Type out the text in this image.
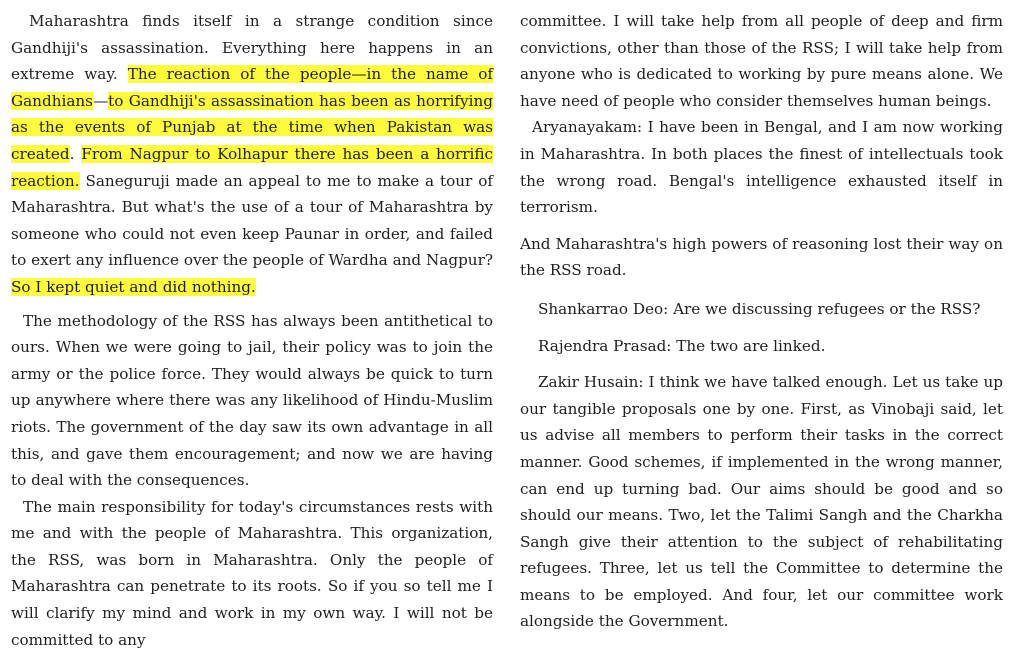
Maharashtra finds itself in a strange condition since Gandhiji's assassination. Everything here happens in an extreme way. The reaction of the people—in the name of Gandhians—to Gandhiji's assassination has been as horrifying as the events of Punjab at the time when Pakistan was created. From Nagpur to Kolhapur there has been a horrific reaction. Saneguruji made an appeal to me to make a tour of Maharashtra. But what's the use of a tour of Maharashtra by someone who could not even keep Paunar in order, and failed to exert any influence over the people of Wardha and Nagpur? So I kept quiet and did nothing.

The methodology of the RSS has always been antithetical to ours. When we were going to jail, their policy was to join the army or the police force. They would always be quick to turn up anywhere where there was any likelihood of Hindu-Muslim riots. The government of the day saw its own advantage in all this, and gave them encouragement; and now we are having to deal with the consequences.

The main responsibility for today's circumstances rests with me and with the people of Maharashtra. This organization, the RSS, was born in Maharashtra. Only the people of Maharashtra can penetrate to its roots. So if you so tell me I will clarify my mind and work in my own way. I will not be committed to any

committee. I will take help from all people of deep and firm convictions, other than those of the RSS; I will take help from anyone who is dedicated to working by pure means alone. We have need of people who consider themselves human beings.

Aryanayakam: I have been in Bengal, and I am now working in Maharashtra. In both places the finest of intellectuals took the wrong road. Bengal's intelligence exhausted itself in terrorism.

And Maharashtra's high powers of reasoning lost their way on the RSS road.

Shankarrao Deo: Are we discussing refugees or the RSS?

Rajendra Prasad: The two are linked.

Zakir Husain: I think we have talked enough. Let us take up our tangible proposals one by one. First, as Vinobaji said, let us advise all members to perform their tasks in the correct manner. Good schemes, if implemented in the wrong manner, can end up turning bad. Our aims should be good and so should our means. Two, let the Talimi Sangh and the Charkha Sangh give their attention to the subject of rehabilitating refugees. Three, let us tell the Committee to determine the means to be employed. And four, let our committee work alongside the Government.
